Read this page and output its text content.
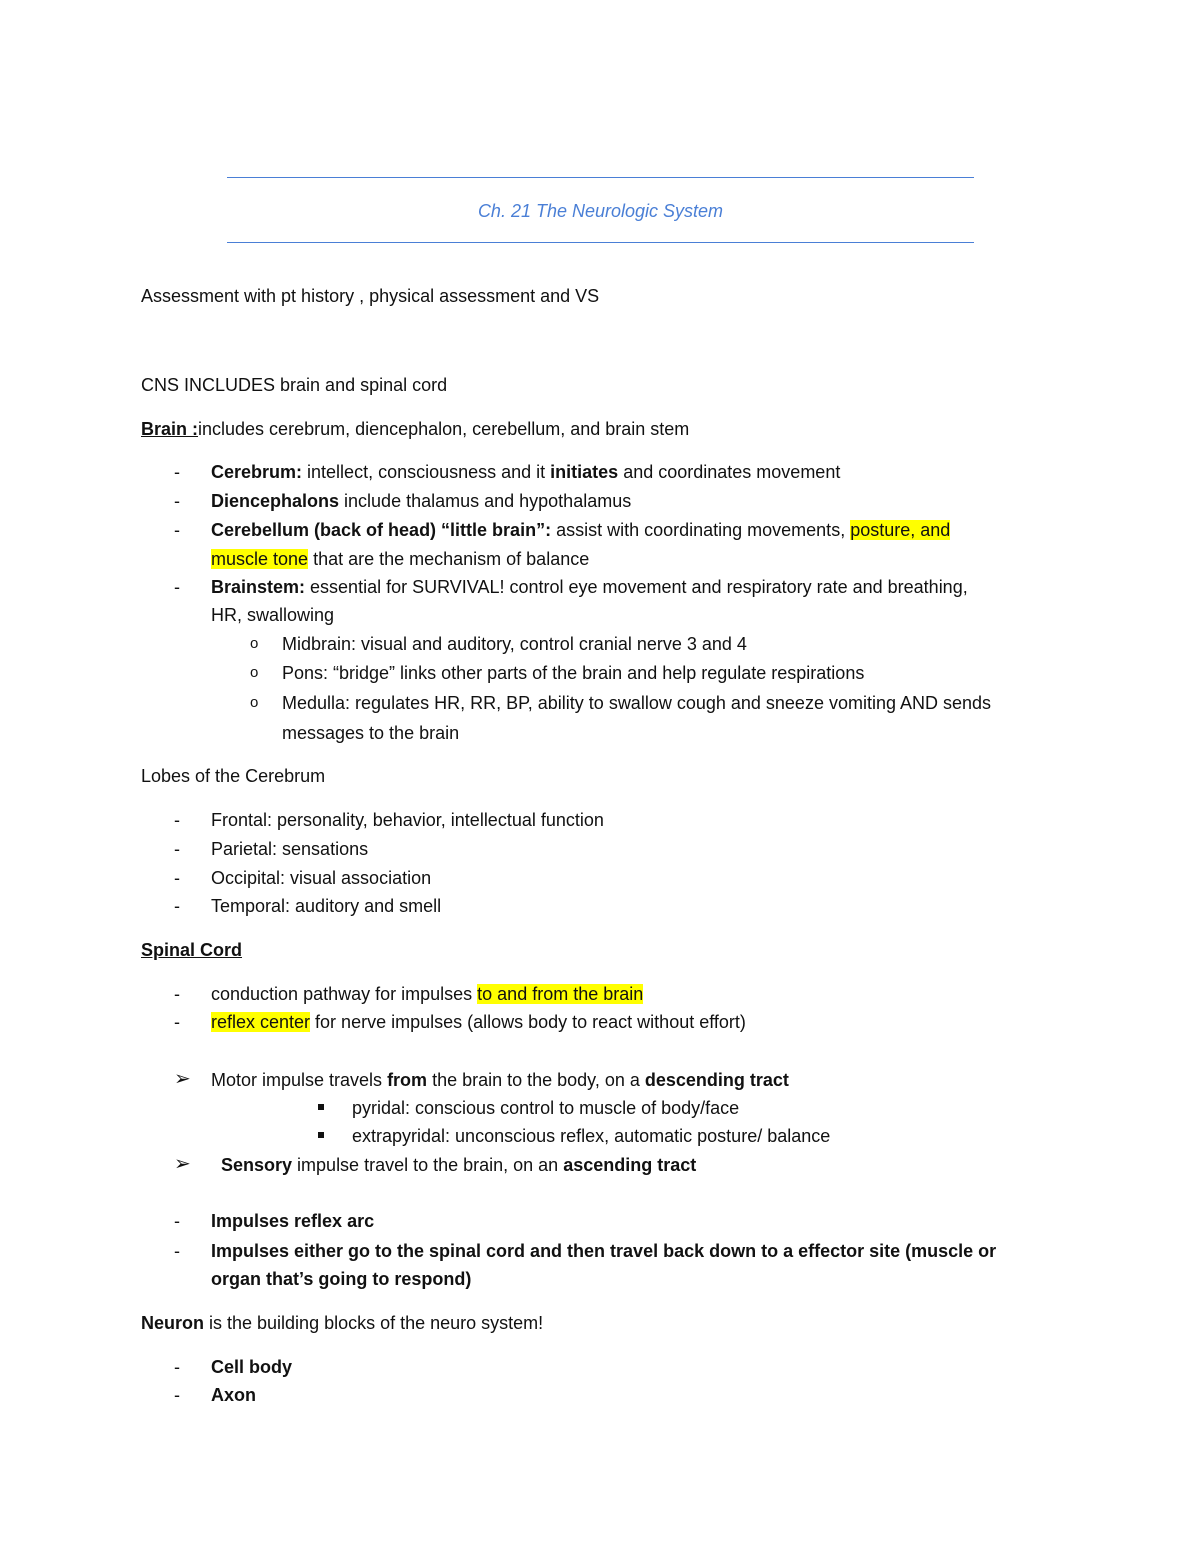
Ch. 21 The Neurologic System
Assessment with pt history , physical assessment and VS
CNS INCLUDES brain and spinal cord
Brain :includes cerebrum, diencephalon, cerebellum, and brain stem
- Cerebrum: intellect, consciousness and it initiates and coordinates movement
- Diencephalons include thalamus and hypothalamus
- Cerebellum (back of head) “little brain”: assist with coordinating movements, posture, and
muscle tone that are the mechanism of balance
- Brainstem: essential for SURVIVAL! control eye movement and respiratory rate and breathing,
HR, swallowing
o Midbrain: visual and auditory, control cranial nerve 3 and 4
o Pons: “bridge” links other parts of the brain and help regulate respirations
o Medulla: regulates HR, RR, BP, ability to swallow cough and sneeze vomiting AND sends
messages to the brain
Lobes of the Cerebrum
- Frontal: personality, behavior, intellectual function
- Parietal: sensations
- Occipital: visual association
- Temporal: auditory and smell
Spinal Cord
- conduction pathway for impulses to and from the brain
- reflex center for nerve impulses (allows body to react without effort)
➢ Motor impulse travels from the brain to the body, on a descending tract
pyridal: conscious control to muscle of body/face
extrapyridal: unconscious reflex, automatic posture/ balance
➢ Sensory impulse travel to the brain, on an ascending tract
- Impulses reflex arc
- Impulses either go to the spinal cord and then travel back down to a effector site (muscle or
organ that’s going to respond)
Neuron is the building blocks of the neuro system!
- Cell body
- Axon
